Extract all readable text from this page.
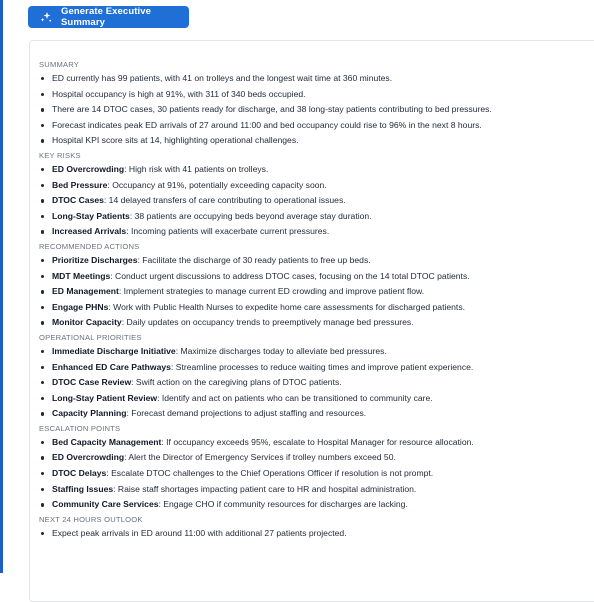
Generate Executive Summary
SUMMARY
ED currently has 99 patients, with 41 on trolleys and the longest wait time at 360 minutes.
Hospital occupancy is high at 91%, with 311 of 340 beds occupied.
There are 14 DTOC cases, 30 patients ready for discharge, and 38 long-stay patients contributing to bed pressures.
Forecast indicates peak ED arrivals of 27 around 11:00 and bed occupancy could rise to 96% in the next 8 hours.
Hospital KPI score sits at 14, highlighting operational challenges.
KEY RISKS
ED Overcrowding: High risk with 41 patients on trolleys.
Bed Pressure: Occupancy at 91%, potentially exceeding capacity soon.
DTOC Cases: 14 delayed transfers of care contributing to operational issues.
Long-Stay Patients: 38 patients are occupying beds beyond average stay duration.
Increased Arrivals: Incoming patients will exacerbate current pressures.
RECOMMENDED ACTIONS
Prioritize Discharges: Facilitate the discharge of 30 ready patients to free up beds.
MDT Meetings: Conduct urgent discussions to address DTOC cases, focusing on the 14 total DTOC patients.
ED Management: Implement strategies to manage current ED crowding and improve patient flow.
Engage PHNs: Work with Public Health Nurses to expedite home care assessments for discharged patients.
Monitor Capacity: Daily updates on occupancy trends to preemptively manage bed pressures.
OPERATIONAL PRIORITIES
Immediate Discharge Initiative: Maximize discharges today to alleviate bed pressures.
Enhanced ED Care Pathways: Streamline processes to reduce waiting times and improve patient experience.
DTOC Case Review: Swift action on the caregiving plans of DTOC patients.
Long-Stay Patient Review: Identify and act on patients who can be transitioned to community care.
Capacity Planning: Forecast demand projections to adjust staffing and resources.
ESCALATION POINTS
Bed Capacity Management: If occupancy exceeds 95%, escalate to Hospital Manager for resource allocation.
ED Overcrowding: Alert the Director of Emergency Services if trolley numbers exceed 50.
DTOC Delays: Escalate DTOC challenges to the Chief Operations Officer if resolution is not prompt.
Staffing Issues: Raise staff shortages impacting patient care to HR and hospital administration.
Community Care Services: Engage CHO if community resources for discharges are lacking.
NEXT 24 HOURS OUTLOOK
Expect peak arrivals in ED around 11:00 with additional 27 patients projected.
